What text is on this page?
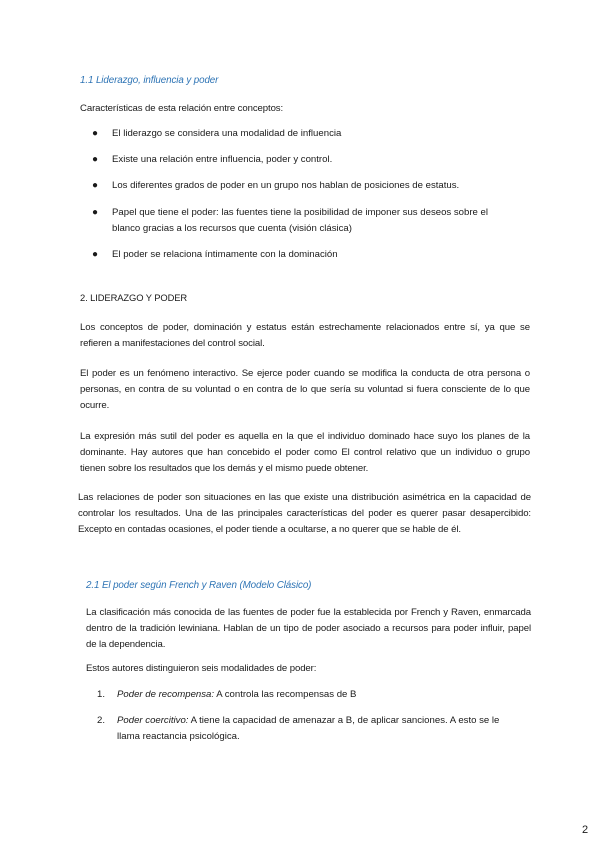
1.1 Liderazgo, influencia y poder
Características de esta relación entre conceptos:
●	El liderazgo se considera una modalidad de influencia
●	Existe una relación entre influencia, poder y control.
●	Los diferentes grados de poder en un grupo nos hablan de posiciones de estatus.
●	Papel que tiene el poder: las fuentes tiene la posibilidad de imponer sus deseos sobre el
blanco gracias a los recursos que cuenta (visión clásica)
●	El poder se relaciona íntimamente con la dominación
2. LIDERAZGO Y PODER
Los conceptos de poder, dominación y estatus están estrechamente relacionados entre sí, ya que se refieren a manifestaciones del control social.
El poder es un fenómeno interactivo. Se ejerce poder cuando se modifica la conducta de otra persona o personas, en contra de su voluntad o en contra de lo que sería su voluntad si fuera consciente de lo que ocurre.
La expresión más sutil del poder es aquella en la que el individuo dominado hace suyo los planes de la dominante. Hay autores que han concebido el poder como El control relativo que un individuo o grupo tienen sobre los resultados que los demás y el mismo puede obtener.
Las relaciones de poder son situaciones en las que existe una distribución asimétrica en la capacidad de controlar los resultados. Una de las principales características del poder es querer pasar desapercibido: Excepto en contadas ocasiones, el poder tiende a ocultarse, a no querer que se hable de él.
2.1 El poder según French y Raven (Modelo Clásico)
La clasificación más conocida de las fuentes de poder fue la establecida por French y Raven, enmarcada dentro de la tradición lewiniana. Hablan de un tipo de poder asociado a recursos para poder influir, papel de la dependencia.
Estos autores distinguieron seis modalidades de poder:
1. Poder de recompensa: A controla las recompensas de B
2. Poder coercitivo: A tiene la capacidad de amenazar a B, de aplicar sanciones. A esto se le
llama reactancia psicológica.
2
